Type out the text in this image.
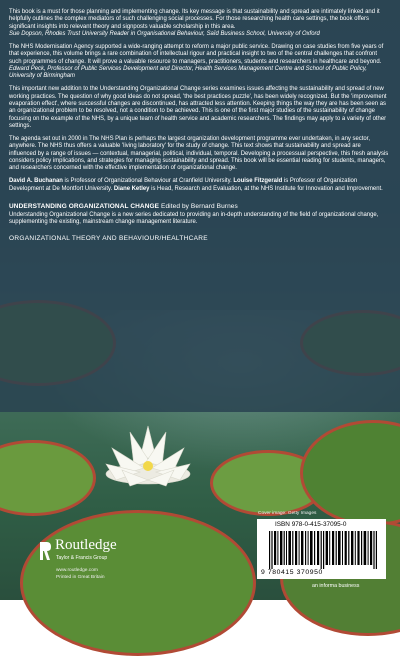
This book is a must for those planning and implementing change. Its key message is that sustainability and spread are intimately linked and it helpfully outlines the complex mediators of such challenging social processes. For those researching health care settings, the book offers significant insights into relevant theory and signposts valuable scholarship in this area.
Sue Dopson, Rhodes Trust University Reader in Organisational Behaviour, Saïd Business School, University of Oxford

The NHS Modernisation Agency supported a wide-ranging attempt to reform a major public service. Drawing on case studies from five years of that experience, this volume brings a rare combination of intellectual rigour and practical insight to two of the central challenges that confront such programmes of change. It will prove a valuable resource to managers, practitioners, students and researchers in healthcare and beyond.
Edward Peck, Professor of Public Services Development and Director, Health Services Management Centre and School of Public Policy, University of Birmingham

This important new addition to the Understanding Organizational Change series examines issues affecting the sustainability and spread of new working practices. The question of why good ideas do not spread, 'the best practices puzzle', has been widely recognized. But the 'improvement evaporation effect', where successful changes are discontinued, has attracted less attention. Keeping things the way they are has been seen as an organizational problem to be resolved, not a condition to be achieved. This is one of the first major studies of the sustainability of change focusing on the example of the NHS, by a unique team of health service and academic researchers. The findings may apply to a variety of other settings.

The agenda set out in 2000 in The NHS Plan is perhaps the largest organization development programme ever undertaken, in any sector, anywhere. The NHS thus offers a valuable 'living laboratory' for the study of change. This text shows that sustainability and spread are influenced by a range of issues — contextual, managerial, political, individual, temporal. Developing a processual perspective, this fresh analysis considers policy implications, and strategies for managing sustainability and spread. This book will be essential reading for students, managers, and researchers concerned with the effective implementation of organizational change.

David A. Buchanan is Professor of Organizational Behaviour at Cranfield University. Louise Fitzgerald is Professor of Organization Development at De Montfort University. Diane Ketley is Head, Research and Evaluation, at the NHS Institute for Innovation and Improvement.

UNDERSTANDING ORGANIZATIONAL CHANGE Edited by Bernard Burnes

Understanding Organizational Change is a new series dedicated to providing an in-depth understanding of the field of organizational change, supplementing the existing, mainstream change management literature.

ORGANIZATIONAL THEORY AND BEHAVIOUR/HEALTHCARE

Cover image: Getty Images
ISBN 978-0-415-37095-0
9 780415 370950
an informa business
Routledge
Taylor & Francis Group
www.routledge.com
Printed in Great Britain
